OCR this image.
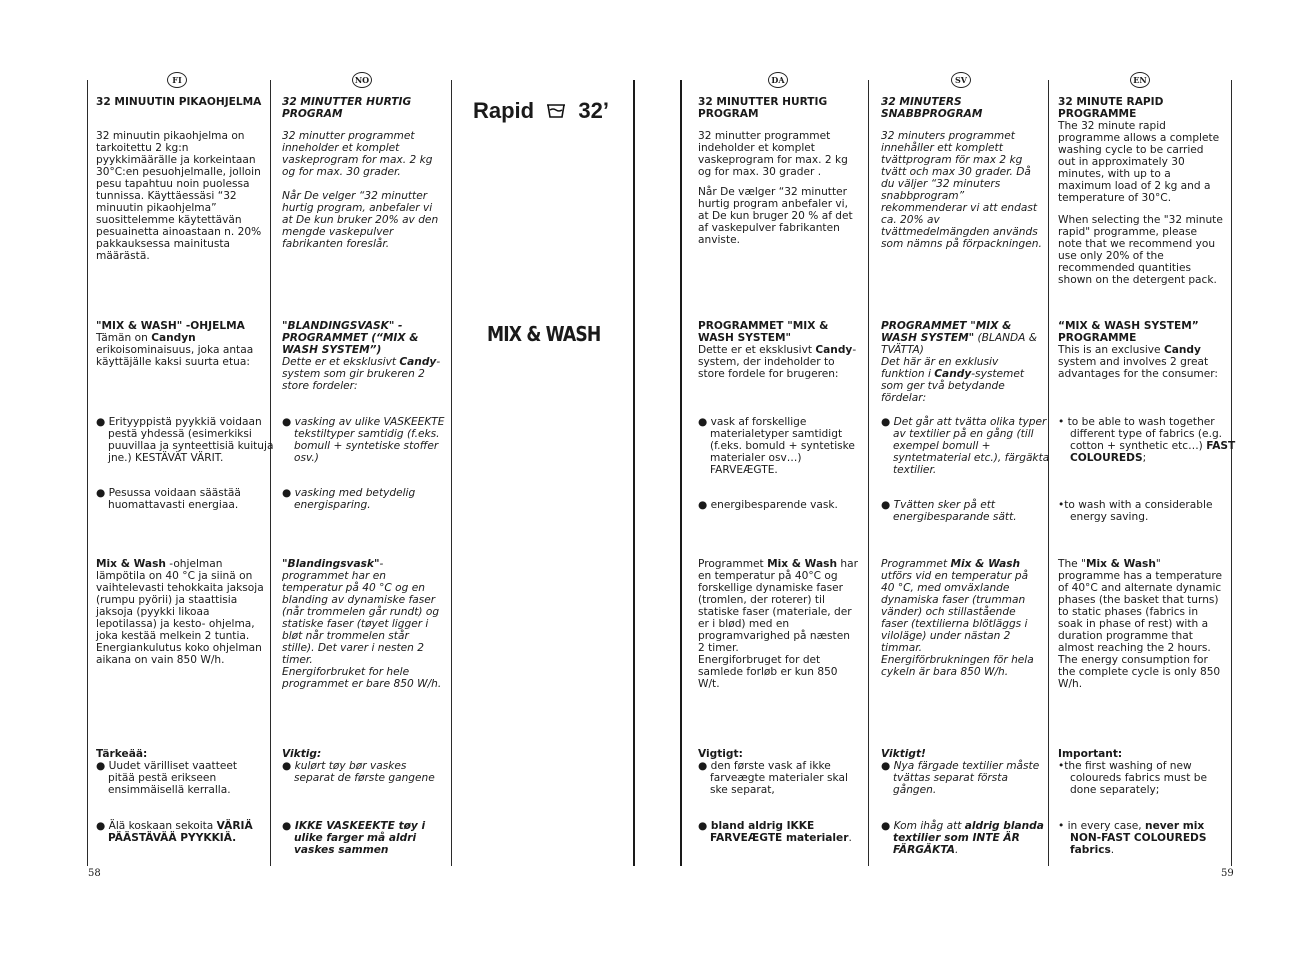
FI	NO	DA	SV	EN
Rapid 32’
MIX & WASH
32 MINUUTIN PIKAOHJELMA
32 minuutin pikaohjelma on tarkoitettu 2 kg:n pyykkimäärälle ja korkeintaan 30°C:en pesuohjelmalle, jolloin pesu tapahtuu noin puolessa tunnissa. Käyttäessäsi “32 minuutin pikaohjelma” suosittelemme käytettävän pesuainetta ainoastaan n. 20% pakkauksessa mainitusta määrästä.
"MIX & WASH" -OHJELMA
Tämän on Candyn erikoisominaisuus, joka antaa käyttäjälle kaksi suurta etua:
● Erityyppistä pyykkiä voidaan pestä yhdessä (esimerkiksi puuvillaa ja synteettisiä kuituja jne.) KESTÄVÄT VÄRIT.
● Pesussa voidaan säästää huomattavasti energiaa.
Mix & Wash -ohjelman lämpötila on 40 °C ja siinä on vaihtelevasti tehokkaita jaksoja (rumpu pyörii) ja staattisia jaksoja (pyykki likoaa lepotilassa) ja kesto- ohjelma, joka kestää melkein 2 tuntia.
Energiankulutus koko ohjelman aikana on vain 850 W/h.
Tärkeää:
● Uudet värilliset vaatteet pitää pestä erikseen ensimmäisellä kerralla.
● Älä koskaan sekoita VÄRIÄ PÄÄSTÄVÄÄ PYYKKIÄ.
32 MINUTTER HURTIG PROGRAM
32 minutter programmet inneholder et komplet vaskeprogram for max. 2 kg og for max. 30 grader.
Når De velger “32 minutter hurtig program, anbefaler vi at De kun bruker 20% av den mengde vaskepulver fabrikanten foreslår.
"BLANDINGSVASK" - PROGRAMMET (“MIX & WASH SYSTEM”)
Dette er et eksklusivt Candy-system som gir brukeren 2 store fordeler:
● vasking av ulike VASKEEKTE tekstiltyper samtidig (f.eks. bomull + syntetiske stoffer osv.)
● vasking med betydelig energisparing.
"Blandingsvask"- programmet har en temperatur på 40 °C og en blanding av dynamiske faser (når trommelen går rundt) og statiske faser (tøyet ligger i bløt når trommelen står stille). Det varer i nesten 2 timer.
Energiforbruket for hele programmet er bare 850 W/h.
Viktig:
● kulørt tøy bør vaskes separat de første gangene
● IKKE VASKEEKTE tøy i ulike farger må aldri vaskes sammen
32 MINUTTER HURTIG PROGRAM
32 minutter programmet indeholder et komplet vaskeprogram for max. 2 kg og for max. 30 grader .
Når De vælger “32 minutter hurtig program anbefaler vi, at De kun bruger 20 % af det af vaskepulver fabrikanten anviste.
PROGRAMMET "MIX & WASH SYSTEM"
Dette er et eksklusivt Candy- system, der indeholder to store fordele for brugeren:
● vask af forskellige materialetyper samtidigt (f.eks. bomuld + syntetiske materialer osv…) FARVEÆGTE.
● energibesparende vask.
Programmet Mix & Wash har en temperatur på 40°C og forskellige dynamiske faser (tromlen, der roterer) til statiske faser (materiale, der er i blød) med en programvarighed på næsten 2 timer.
Energiforbruget for det samlede forløb er kun 850 W/t.
Vigtigt:
● den første vask af ikke farveægte materialer skal ske separat,
● bland aldrig IKKE FARVEÆGTE materialer.
32 MINUTERS SNABBPROGRAM
32 minuters programmet innehåller ett komplett tvättprogram för max 2 kg tvätt och max 30 grader. Då du väljer “32 minuters snabbprogram” rekommenderar vi att endast ca. 20% av tvättmedelmängden används som nämns på förpackningen.
PROGRAMMET "MIX & WASH SYSTEM" (BLANDA & TVÄTTA)
Det här är en exklusiv funktion i Candy-systemet som ger två betydande fördelar:
● Det går att tvätta olika typer av textilier på en gång (till exempel bomull + syntetmaterial etc.), färgäkta textilier.
● Tvätten sker på ett energibesparande sätt.
Programmet Mix & Wash utförs vid en temperatur på 40 °C, med omväxlande dynamiska faser (trumman vänder) och stillastående faser (textilierna blötläggs i viloläge) under nästan 2 timmar.
Energiförbrukningen för hela cykeln är bara 850 W/h.
Viktigt!
● Nya färgade textilier måste tvättas separat första gången.
● Kom ihåg att aldrig blanda textilier som INTE ÄR FÄRGÄKTA.
32 MINUTE RAPID PROGRAMME
The 32 minute rapid programme allows a complete washing cycle to be carried out in approximately 30 minutes, with up to a maximum load of 2 kg and a temperature of 30°C.
When selecting the "32 minute rapid" programme, please note that we recommend you use only 20% of the recommended quantities shown on the detergent pack.
“MIX & WASH SYSTEM” PROGRAMME
This is an exclusive Candy system and involves 2 great advantages for the consumer:
• to be able to wash together different type of fabrics (e.g. cotton + synthetic etc…) FAST COLOUREDS;
•to wash with a considerable energy saving.
The "Mix & Wash" programme has a temperature of 40°C and alternate dynamic phases (the basket that turns) to static phases (fabrics in soak in phase of rest) with a duration programme that almost reaching the 2 hours. The energy consumption for the complete cycle is only 850 W/h.
Important:
•the first washing of new coloureds fabrics must be done separately;
• in every case, never mix NON-FAST COLOUREDS fabrics.
58	59
